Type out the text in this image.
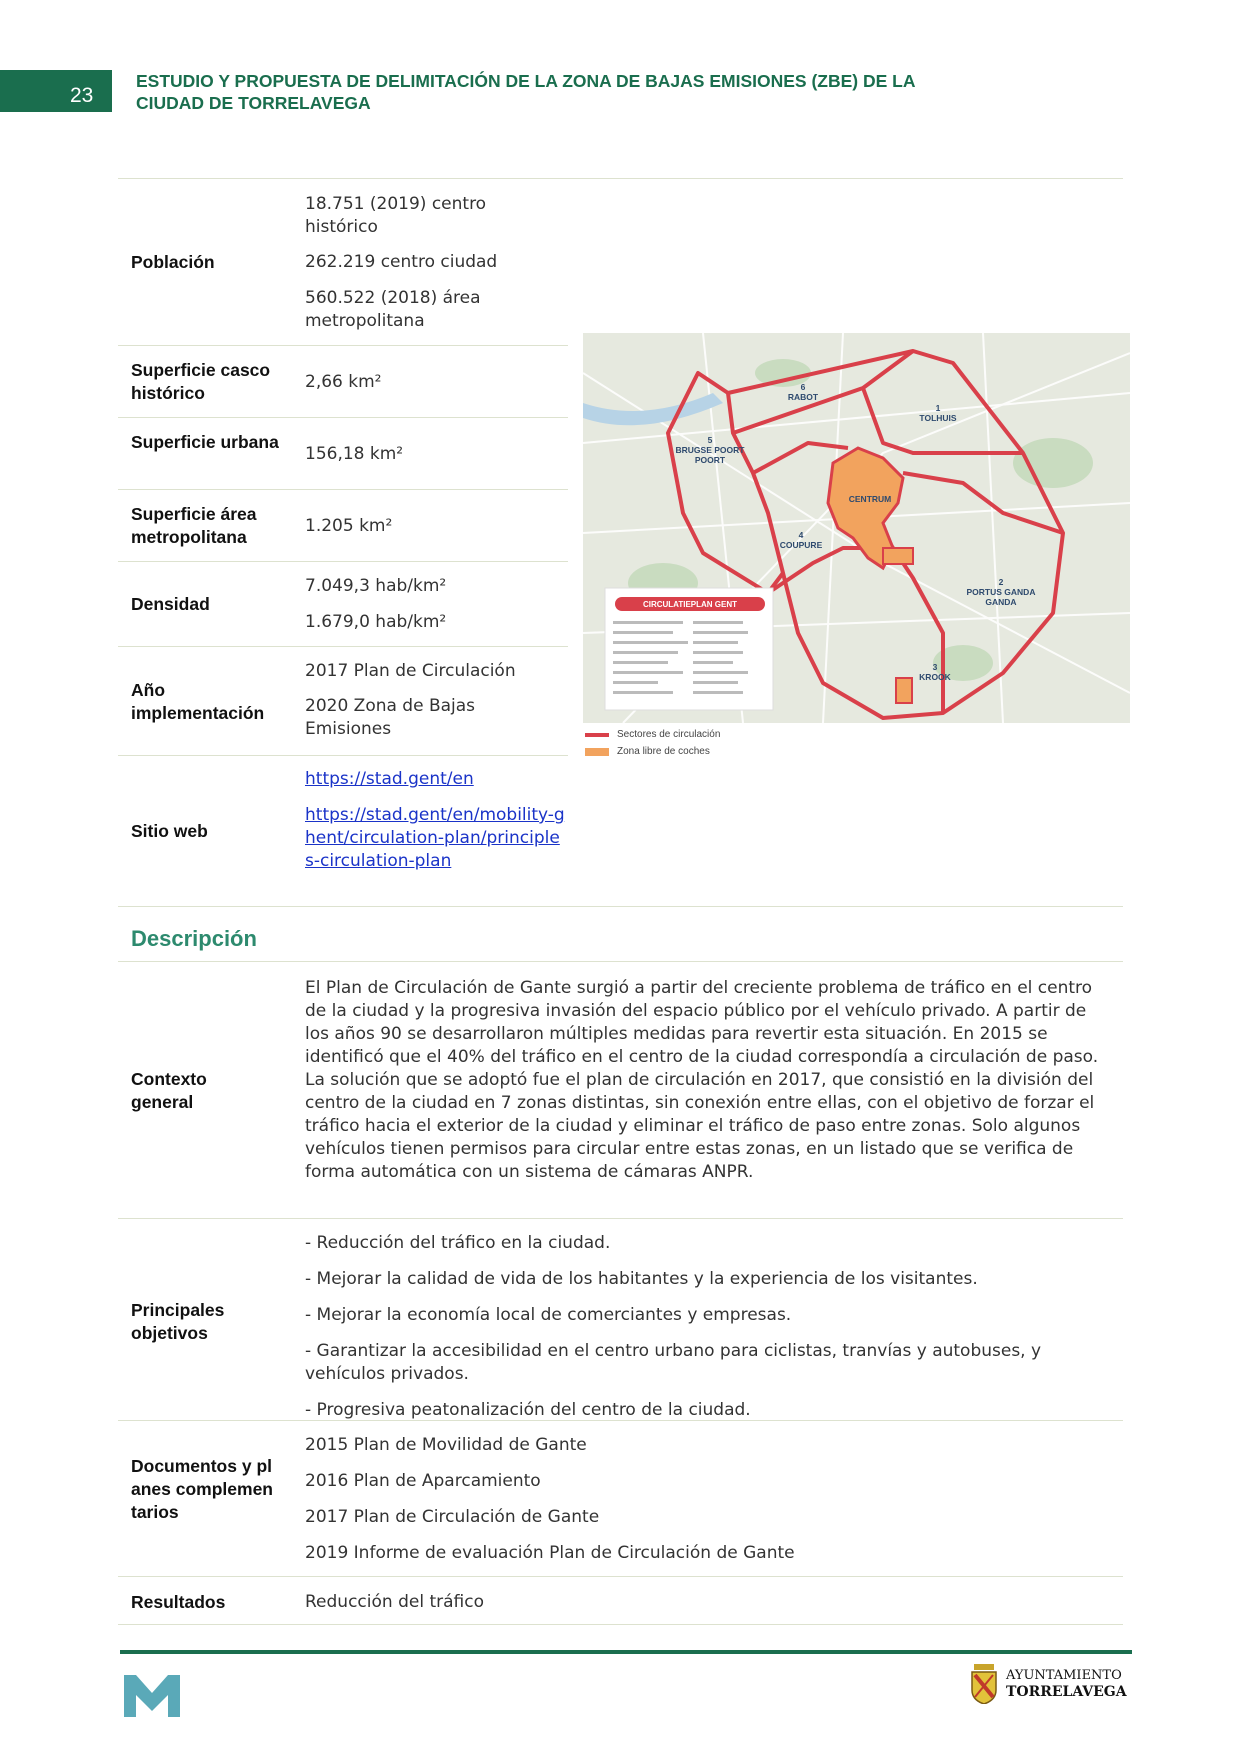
23
ESTUDIO Y PROPUESTA DE DELIMITACIÓN DE LA ZONA DE BAJAS EMISIONES (ZBE) DE LA CIUDAD DE TORRELAVEGA
Población
18.751 (2019) centro histórico
262.219 centro ciudad
560.522 (2018) área metropolitana
Superficie casco histórico
2,66 km²
Superficie urbana
156,18 km²
Superficie área metropolitana
1.205 km²
Densidad
7.049,3 hab/km²
1.679,0 hab/km²
Año implementación
2017 Plan de Circulación
2020 Zona de Bajas Emisiones
Sitio web
https://stad.gent/en
https://stad.gent/en/mobility-ghent/circulation-plan/principles-circulation-plan
6
RABOT
1
TOLHUIS
5
BRUGSE POORT
POORT
CENTRUM
4
COUPURE
2
PORTUS GANDA
GANDA
3
KROOK
CIRCULATIEPLAN GENT
Sectores de circulación
Zona libre de coches
Descripción
Contexto general
El Plan de Circulación de Gante surgió a partir del creciente problema de tráfico en el centro de la ciudad y la progresiva invasión del espacio público por el vehículo privado. A partir de los años 90 se desarrollaron múltiples medidas para revertir esta situación. En 2015 se identificó que el 40% del tráfico en el centro de la ciudad correspondía a circulación de paso. La solución que se adoptó fue el plan de circulación en 2017, que consistió en la división del centro de la ciudad en 7 zonas distintas, sin conexión entre ellas, con el objetivo de forzar el tráfico hacia el exterior de la ciudad y eliminar el tráfico de paso entre zonas. Solo algunos vehículos tienen permisos para circular entre estas zonas, en un listado que se verifica de forma automática con un sistema de cámaras ANPR.
Principales objetivos
- Reducción del tráfico en la ciudad.
- Mejorar la calidad de vida de los habitantes y la experiencia de los visitantes.
- Mejorar la economía local de comerciantes y empresas.
- Garantizar la accesibilidad en el centro urbano para ciclistas, tranvías y autobuses, y vehículos privados.
- Progresiva peatonalización del centro de la ciudad.
Documentos y planes complementarios
2015 Plan de Movilidad de Gante
2016 Plan de Aparcamiento
2017 Plan de Circulación de Gante
2019 Informe de evaluación Plan de Circulación de Gante
Resultados	Reducción del tráfico
AYUNTAMIENTO
TORRELAVEGA
